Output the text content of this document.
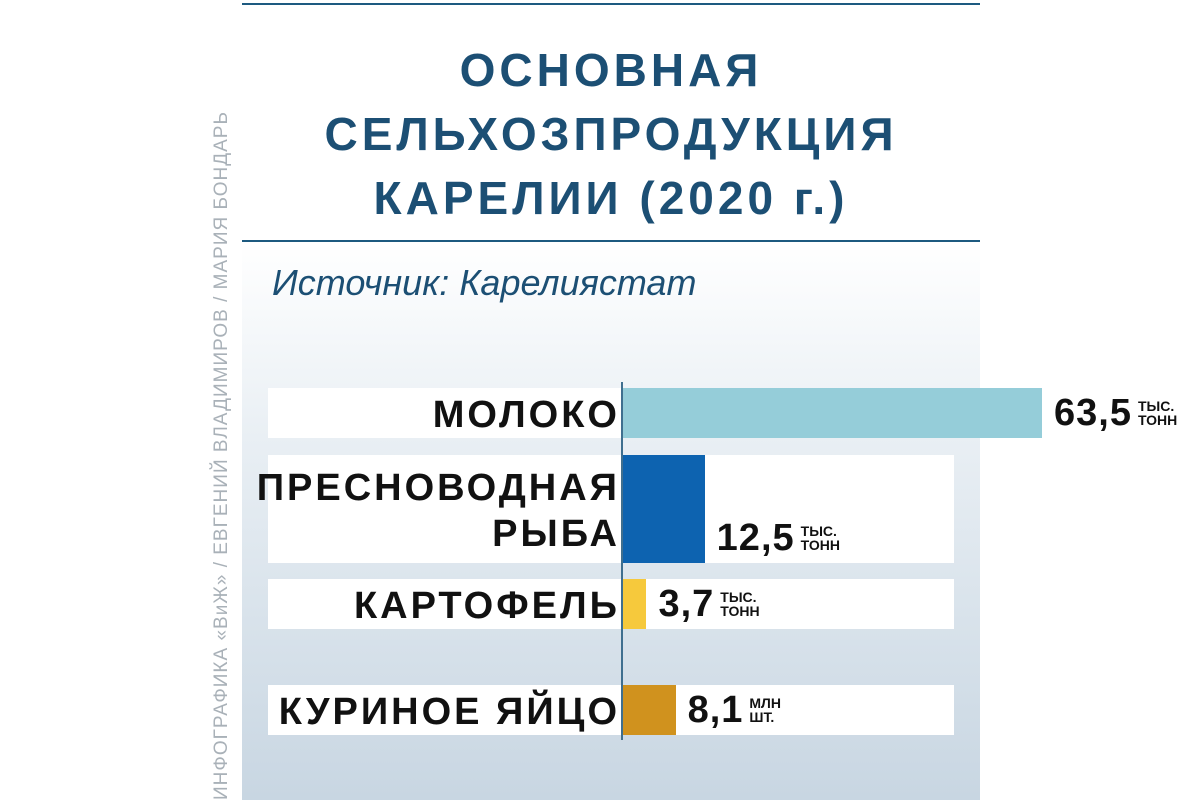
ИНФОГРАФИКА «ВиЖ» / ЕВГЕНИЙ ВЛАДИМИРОВ / МАРИЯ БОНДАРЬ
ОСНОВНАЯ
СЕЛЬХОЗПРОДУКЦИЯ
КАРЕЛИИ (2020 г.)
Источник: Карелиястат
МОЛОКО	63,5 ТЫС.
ТОНН
ПРЕСНОВОДНАЯ
РЫБА	12,5 ТЫС.
ТОНН
КАРТОФЕЛЬ 3,7 ТЫС.
ТОНН
КУРИНОЕ ЯЙЦО 8,1 МЛН
ШТ.
